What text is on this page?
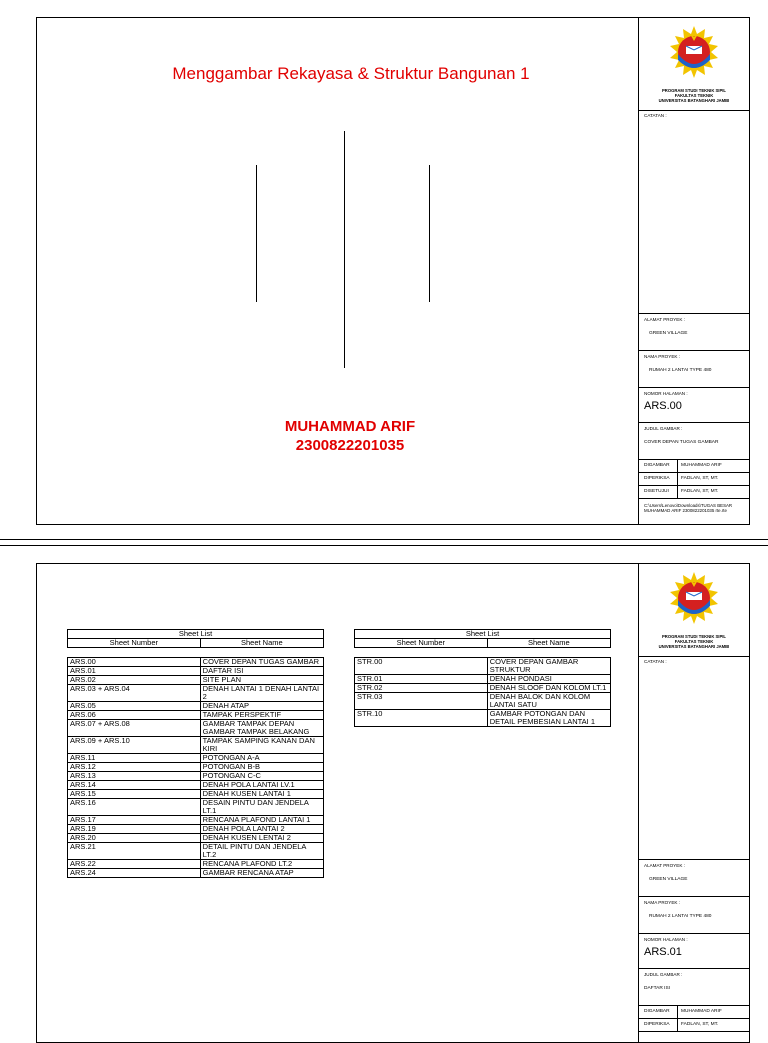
PROGRAM STUDI TEKNIK SIPIL
FAKULTAS TEKNIK
UNIVERSITAS BATANGHARI JAMBI
CATATAN :
ALAMAT PROYEK :
GREEN VILLAGE
NAMA PROYEK :
RUMAH 2 LANTAI TYPE 480
NOMOR HALAMAN :
ARS.00
JUDUL GAMBAR :
COVER DEPAN TUGAS GAMBAR
DIGAMBAR MUHAMMAD ARIF
DIPERIKSA FADLAN, ST, MT.
DISETUJUI	FADLAN, ST, MT.
C:\Users\Lenovo\Downloads\TUGAS BESAR MUHAMMAD ARIF 2300822201035 rte.rte
Menggambar Rekayasa & Struktur Bangunan 1
MUHAMMAD ARIF
2300822201035
PROGRAM STUDI TEKNIK SIPIL
FAKULTAS TEKNIK
UNIVERSITAS BATANGHARI JAMBI
CATATAN :
ALAMAT PROYEK :
GREEN VILLAGE
NAMA PROYEK :
RUMAH 2 LANTAI TYPE 480
NOMOR HALAMAN :
ARS.01
JUDUL GAMBAR :
DAFTAR ISI
DIGAMBAR MUHAMMAD ARIF
DIPERIKSA FADLAN, ST, MT.
Sheet List	
Sheet Number	Sheet Name

ARS.00	COVER DEPAN TUGAS GAMBAR
ARS.01	DAFTAR ISI
ARS.02	SITE PLAN
ARS.03 + ARS.04	DENAH LANTAI 1 DENAH LANTAI 2
ARS.05	DENAH ATAP
ARS.06	TAMPAK PERSPEKTIF
ARS.07 + ARS.08	GAMBAR TAMPAK DEPAN GAMBAR TAMPAK BELAKANG
ARS.09 + ARS.10	TAMPAK SAMPING KANAN DAN KIRI
ARS.11	POTONGAN A-A
ARS.12	POTONGAN B-B
ARS.13	POTONGAN C-C
ARS.14	DENAH POLA LANTAI LV.1
ARS.15	DENAH KUSEN LANTAI 1
ARS.16	DESAIN PINTU DAN JENDELA LT.1
ARS.17	RENCANA PLAFOND LANTAI 1
ARS.19	DENAH POLA LANTAI 2
ARS.20	DENAH KUSEN LENTAI 2
ARS.21	DETAIL PINTU DAN JENDELA LT.2
ARS.22	RENCANA PLAFOND LT.2
ARS.24	GAMBAR RENCANA ATAP
Sheet List	
Sheet Number	Sheet Name

STR.00	COVER DEPAN GAMBAR STRUKTUR
STR.01	DENAH PONDASI
STR.02	DENAH SLOOF DAN KOLOM LT.1
STR.03	DENAH BALOK DAN KOLOM LANTAI SATU
STR.10	GAMBAR POTONGAN DAN DETAIL PEMBESIAN LANTAI 1
